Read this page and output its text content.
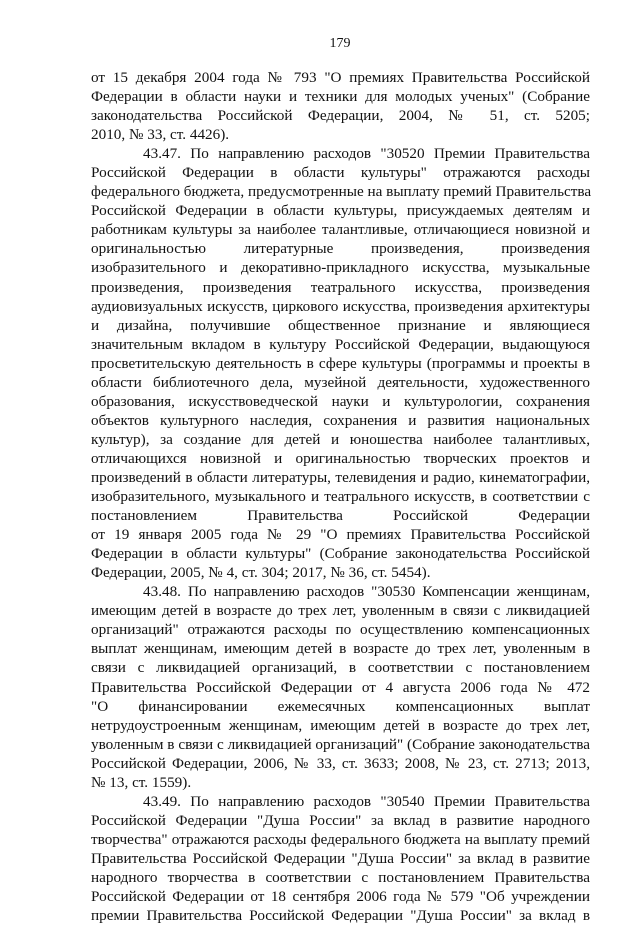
179
от 15 декабря 2004 года № 793 "О премиях Правительства Российской
Федерации в области науки и техники для молодых ученых" (Собрание
законодательства Российской Федерации, 2004, № 51, ст. 5205;
2010, № 33, ст. 4426).
43.47. По направлению расходов "30520 Премии Правительства
Российской Федерации в области культуры" отражаются расходы
федерального бюджета, предусмотренные на выплату премий Правительства
Российской Федерации в области культуры, присуждаемых деятелям и
работникам культуры за наиболее талантливые, отличающиеся новизной и
оригинальностью литературные произведения, произведения
изобразительного и декоративно-прикладного искусства, музыкальные
произведения, произведения театрального искусства, произведения
аудиовизуальных искусств, циркового искусства, произведения архитектуры
и дизайна, получившие общественное признание и являющиеся
значительным вкладом в культуру Российской Федерации, выдающуюся
просветительскую деятельность в сфере культуры (программы и проекты в
области библиотечного дела, музейной деятельности, художественного
образования, искусствоведческой науки и культурологии, сохранения
объектов культурного наследия, сохранения и развития национальных
культур), за создание для детей и юношества наиболее талантливых,
отличающихся новизной и оригинальностью творческих проектов и
произведений в области литературы, телевидения и радио, кинематографии,
изобразительного, музыкального и театрального искусств, в соответствии с
постановлением Правительства Российской Федерации
от 19 января 2005 года № 29 "О премиях Правительства Российской
Федерации в области культуры" (Собрание законодательства Российской
Федерации, 2005, № 4, ст. 304; 2017, № 36, ст. 5454).
43.48. По направлению расходов "30530 Компенсации женщинам,
имеющим детей в возрасте до трех лет, уволенным в связи с ликвидацией
организаций" отражаются расходы по осуществлению компенсационных
выплат женщинам, имеющим детей в возрасте до трех лет, уволенным в
связи с ликвидацией организаций, в соответствии с постановлением
Правительства Российской Федерации от 4 августа 2006 года № 472
"О финансировании ежемесячных компенсационных выплат
нетрудоустроенным женщинам, имеющим детей в возрасте до трех лет,
уволенным в связи с ликвидацией организаций" (Собрание законодательства
Российской Федерации, 2006, № 33, ст. 3633; 2008, № 23, ст. 2713; 2013,
№ 13, ст. 1559).
43.49. По направлению расходов "30540 Премии Правительства
Российской Федерации "Душа России" за вклад в развитие народного
творчества" отражаются расходы федерального бюджета на выплату премий
Правительства Российской Федерации "Душа России" за вклад в развитие
народного творчества в соответствии с постановлением Правительства
Российской Федерации от 18 сентября 2006 года № 579 "Об учреждении
премии Правительства Российской Федерации "Душа России" за вклад в
